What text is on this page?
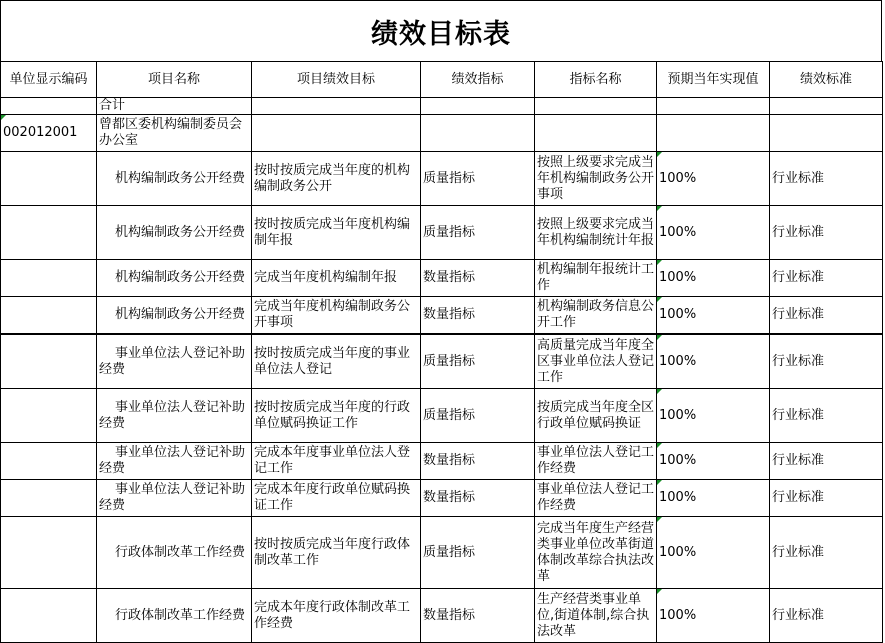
绩效目标表
单位显示编码	项目名称	项目绩效目标	绩效指标	指标名称	预期当年实现值	绩效标准
	合计					

002012001	曾都区委机构编制委员会办公室					
	机构编制政务公开经费	按时按质完成当年度的机构编制政务公开	质量指标	按照上级要求完成当年机构编制政务公开事项	100%	行业标准
	机构编制政务公开经费	按时按质完成当年度机构编制年报	质量指标	按照上级要求完成当年机构编制统计年报	100%	行业标准
	机构编制政务公开经费	完成当年度机构编制年报	数量指标	机构编制年报统计工作	100%	行业标准
	机构编制政务公开经费	完成当年度机构编制政务公开事项	数量指标	机构编制政务信息公开工作	100%	行业标准
	事业单位法人登记补助经费	按时按质完成当年度的事业单位法人登记	质量指标	高质量完成当年度全区事业单位法人登记工作	100%	行业标准
	事业单位法人登记补助经费	按时按质完成当年度的行政单位赋码换证工作	质量指标	按质完成当年度全区行政单位赋码换证	100%	行业标准
	事业单位法人登记补助经费	完成本年度事业单位法人登记工作	数量指标	事业单位法人登记工作经费	100%	行业标准
	事业单位法人登记补助经费	完成本年度行政单位赋码换证工作	数量指标	事业单位法人登记工作经费	100%	行业标准
	行政体制改革工作经费	按时按质完成当年度行政体制改革工作	质量指标	完成当年度生产经营类事业单位改革街道体制改革综合执法改革	100%	行业标准
	行政体制改革工作经费	完成本年度行政体制改革工作经费	数量指标	生产经营类事业单位,街道体制,综合执法改革	100%	行业标准
